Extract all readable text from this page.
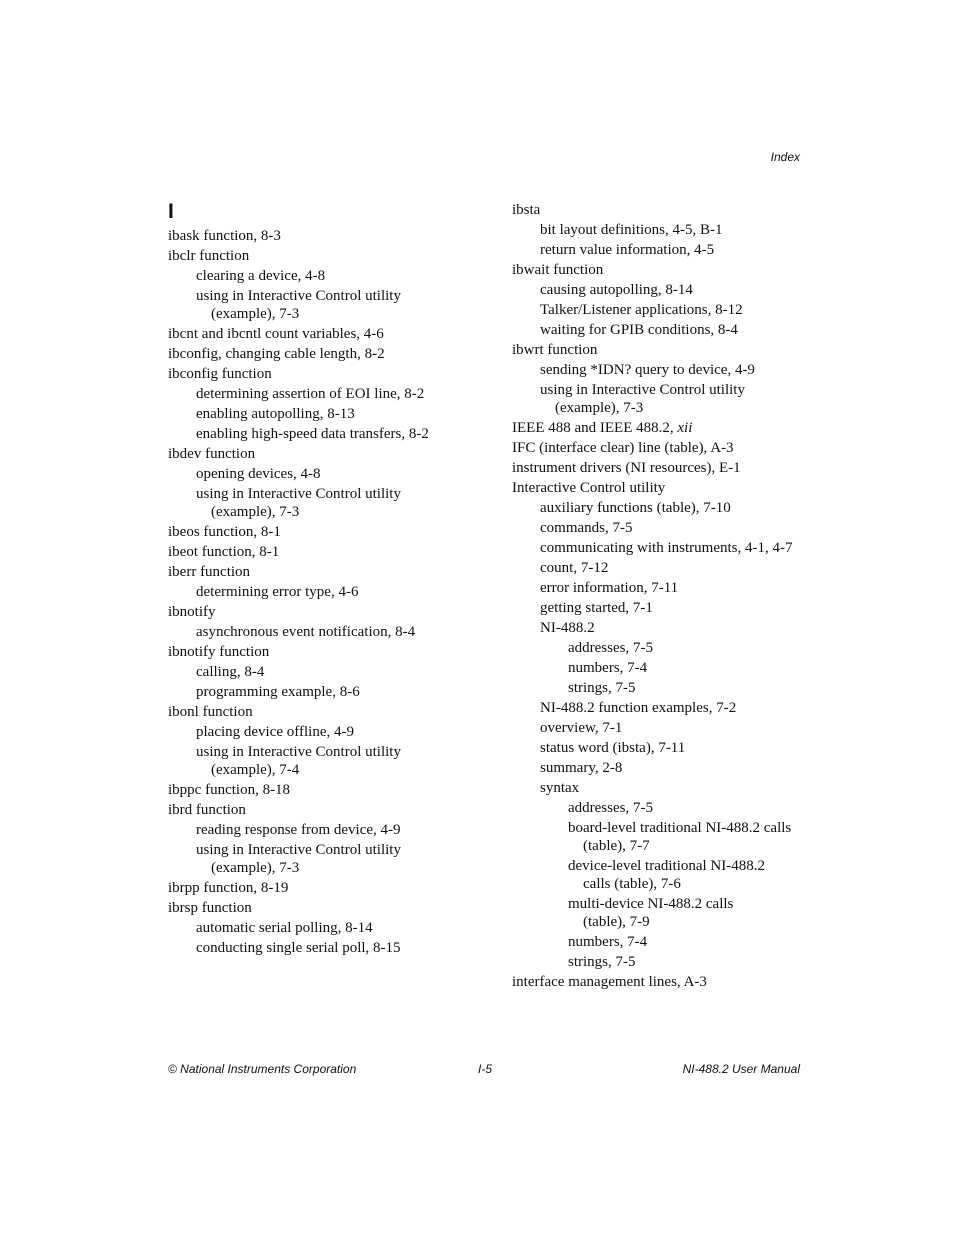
Index
I
ibask function, 8-3
ibclr function
clearing a device, 4-8
using in Interactive Control utility
(example), 7-3
ibcnt and ibcntl count variables, 4-6
ibconfig, changing cable length, 8-2
ibconfig function
determining assertion of EOI line, 8-2
enabling autopolling, 8-13
enabling high-speed data transfers, 8-2
ibdev function
opening devices, 4-8
using in Interactive Control utility
(example), 7-3
ibeos function, 8-1
ibeot function, 8-1
iberr function
determining error type, 4-6
ibnotify
asynchronous event notification, 8-4
ibnotify function
calling, 8-4
programming example, 8-6
ibonl function
placing device offline, 4-9
using in Interactive Control utility
(example), 7-4
ibppc function, 8-18
ibrd function
reading response from device, 4-9
using in Interactive Control utility
(example), 7-3
ibrpp function, 8-19
ibrsp function
automatic serial polling, 8-14
conducting single serial poll, 8-15
ibsta
bit layout definitions, 4-5, B-1
return value information, 4-5
ibwait function
causing autopolling, 8-14
Talker/Listener applications, 8-12
waiting for GPIB conditions, 8-4
ibwrt function
sending *IDN? query to device, 4-9
using in Interactive Control utility
(example), 7-3
IEEE 488 and IEEE 488.2, xii
IFC (interface clear) line (table), A-3
instrument drivers (NI resources), E-1
Interactive Control utility
auxiliary functions (table), 7-10
commands, 7-5
communicating with instruments, 4-1, 4-7
count, 7-12
error information, 7-11
getting started, 7-1
NI-488.2
addresses, 7-5
numbers, 7-4
strings, 7-5
NI-488.2 function examples, 7-2
overview, 7-1
status word (ibsta), 7-11
summary, 2-8
syntax
addresses, 7-5
board-level traditional NI-488.2 calls
(table), 7-7
device-level traditional NI-488.2
calls (table), 7-6
multi-device NI-488.2 calls
(table), 7-9
numbers, 7-4
strings, 7-5
interface management lines, A-3
© National Instruments Corporation	I-5	NI-488.2 User Manual
